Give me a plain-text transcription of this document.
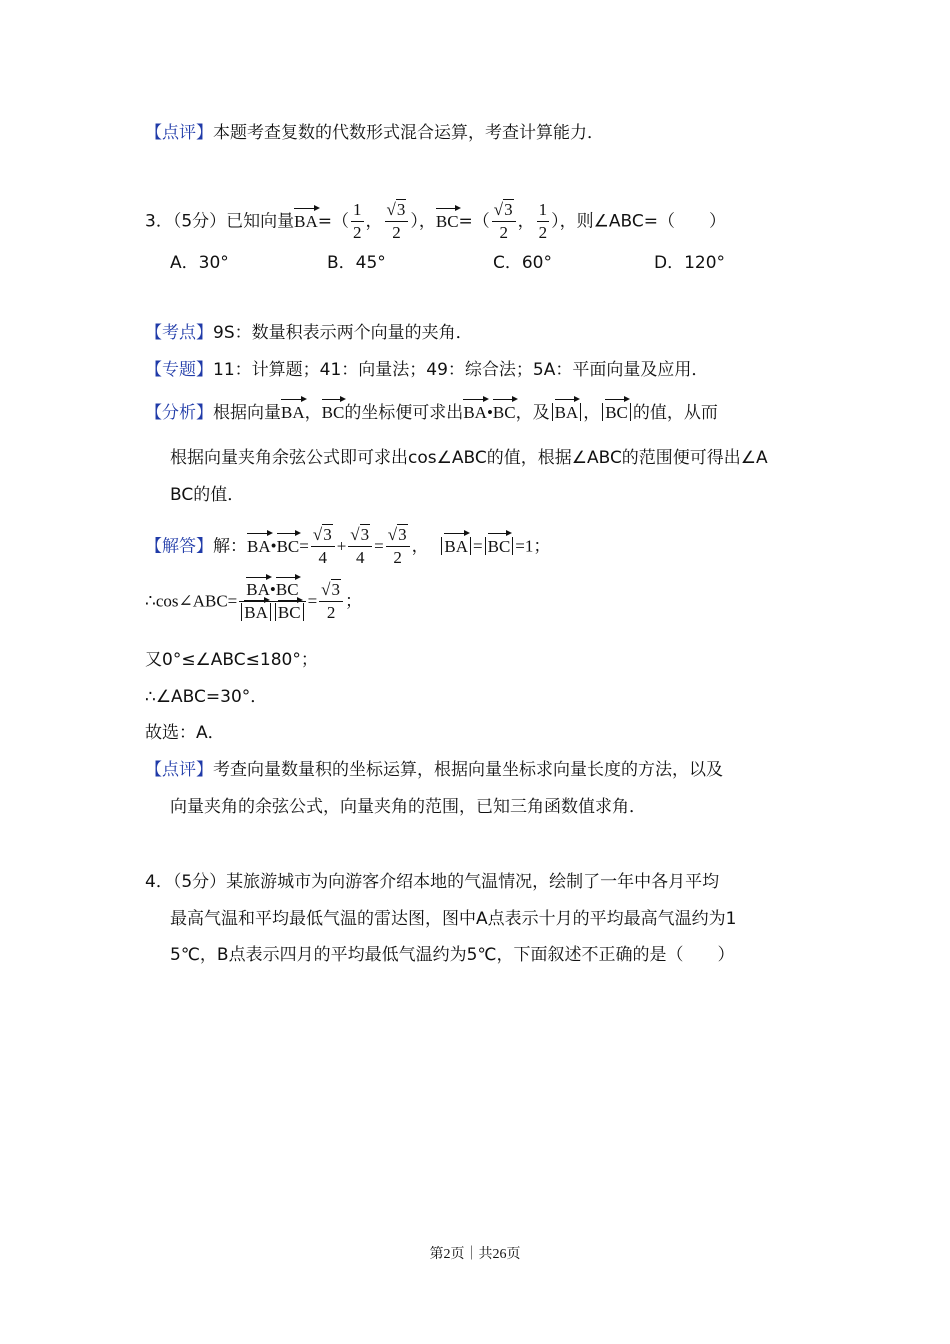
【点评】本题考查复数的代数形式混合运算，考查计算能力．
3．（5分）已知向量
$BA=( \frac{1}{2}$ ， $\frac{√3}{2}$ ），
$BC=( \frac{√3}{2}$ ， $\frac{1}{2}$ ），则∠ABC=（　　）
A．30°	B．45°	C．60°	D．120°
【考点】9S：数量积表示两个向量的夹角．
【专题】11：计算题；41：向量法；49：综合法；5A：平面向量及应用．
【分析】根据向量
BA，
BC的坐标便可求出
BA•
BC，及 BA ， BC 的值，从而
根据向量夹角余弦公式即可求出cos∠ABC的值，根据∠ABC的范围便可得出∠A
BC的值．
【解答】解：
BA•
$BC= \frac{√3}{4} + \frac{√3}{4} = \frac{√3}{2}$ ， BA = BC =1；
∴cos∠ABC= BA•
BC
BA BC = $\frac{√3}{2}$ ；
又0°≤∠ABC≤180°；
∴∠ABC=30°．
故选：A．
【点评】考查向量数量积的坐标运算，根据向量坐标求向量长度的方法，以及
向量夹角的余弦公式，向量夹角的范围，已知三角函数值求角．
4．（5分）某旅游城市为向游客介绍本地的气温情况，绘制了一年中各月平均
最高气温和平均最低气温的雷达图，图中A点表示十月的平均最高气温约为1
5℃，B点表示四月的平均最低气温约为5℃，下面叙述不正确的是（　　）
第2页｜共26页
